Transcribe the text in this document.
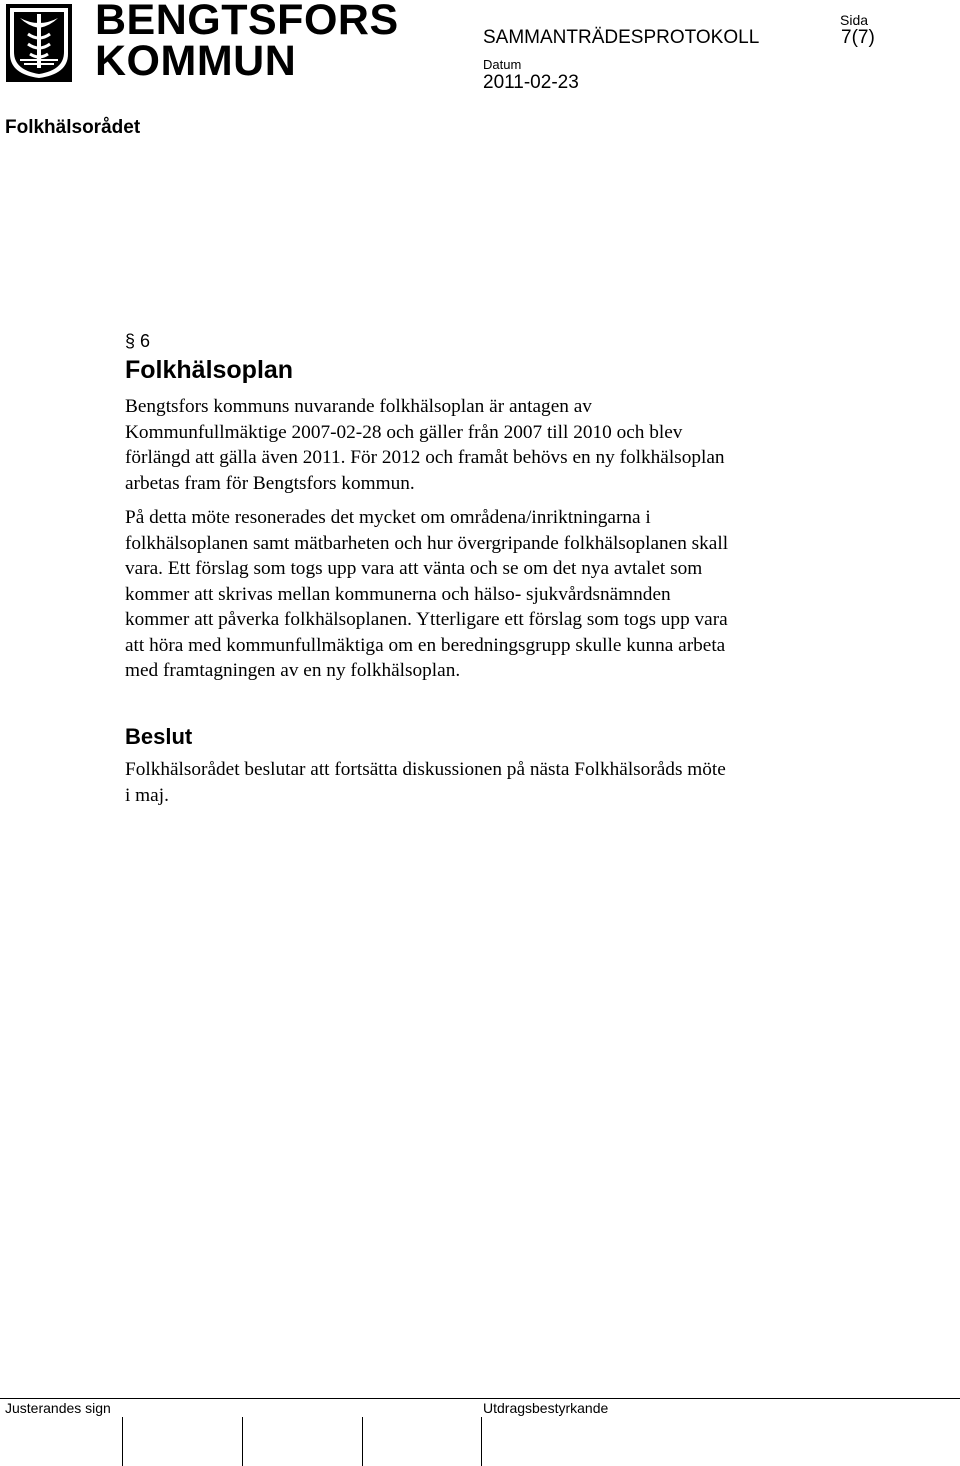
BENGTSFORS
KOMMUN
Sida
SAMMANTRÄDESPROTOKOLL	7(7)
Datum
2011-02-23
Folkhälsorådet
§ 6
Folkhälsoplan

Bengtsfors kommuns nuvarande folkhälsoplan är antagen av
Kommunfullmäktige 2007-02-28 och gäller från 2007 till 2010 och blev
förlängd att gälla även 2011. För 2012 och framåt behövs en ny folkhälsoplan
arbetas fram för Bengtsfors kommun.

På detta möte resonerades det mycket om områdena/inriktningarna i
folkhälsoplanen samt mätbarheten och hur övergripande folkhälsoplanen skall
vara. Ett förslag som togs upp vara att vänta och se om det nya avtalet som
kommer att skrivas mellan kommunerna och hälso- sjukvårdsnämnden
kommer att påverka folkhälsoplanen. Ytterligare ett förslag som togs upp vara
att höra med kommunfullmäktiga om en beredningsgrupp skulle kunna arbeta
med framtagningen av en ny folkhälsoplan.

Beslut

Folkhälsorådet beslutar att fortsätta diskussionen på nästa Folkhälsoråds möte
i maj.

Justerandes sign	Utdragsbestyrkande
